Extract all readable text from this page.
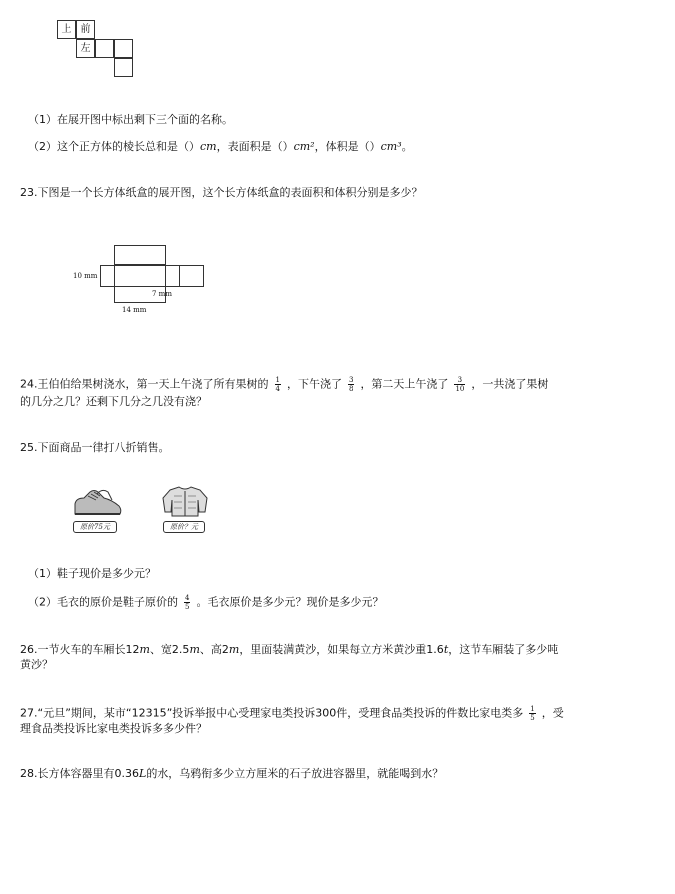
上 前
左
（1）在展开图中标出剩下三个面的名称。
（2）这个正方体的棱长总和是（）cm，表面积是（）cm²，体积是（）cm³。
23.下图是一个长方体纸盒的展开图，这个长方体纸盒的表面积和体积分别是多少？
10 mm
7 mm
14 mm
24.王伯伯给果树浇水，第一天上午浇了所有果树的 $\frac{1}{4}$ ，下午浇了 $\frac{3}{8}$ ，第二天上午浇了 $\frac{3}{10}$ ，一共浇了果树
的几分之几？还剩下几分之几没有浇？
25.下面商品一律打八折销售。
原价75元	原价？元
（1）鞋子现价是多少元？
（2）毛衣的原价是鞋子原价的 $\frac{4}{5}$ 。毛衣原价是多少元？现价是多少元？
26.一节火车的车厢长12m、宽2.5m、高2m，里面装满黄沙，如果每立方米黄沙重1.6t，这节车厢装了多少吨
黄沙？
27.“元旦”期间，某市“12315”投诉举报中心受理家电类投诉300件，受理食品类投诉的件数比家电类多 $\frac{1}{5}$ ，受
理食品类投诉比家电类投诉多多少件？
28.长方体容器里有0.36L的水，乌鸦衔多少立方厘米的石子放进容器里，就能喝到水？
